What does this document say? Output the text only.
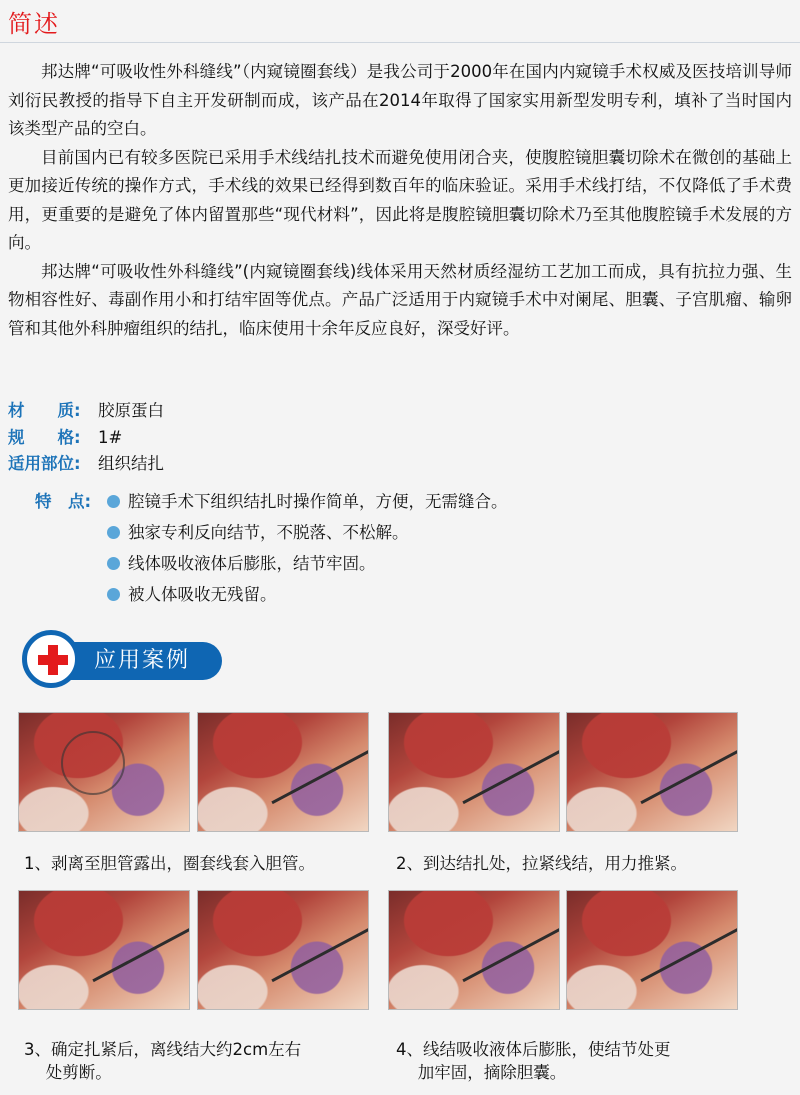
简述

邦达牌“可吸收性外科缝线”（内窥镜圈套线）是我公司于2000年在国内内窥镜手术权威及医技培训导师刘衍民教授的指导下自主开发研制而成，该产品在2014年取得了国家实用新型发明专利，填补了当时国内该类型产品的空白。

目前国内已有较多医院已采用手术线结扎技术而避免使用闭合夹，使腹腔镜胆囊切除术在微创的基础上更加接近传统的操作方式，手术线的效果已经得到数百年的临床验证。采用手术线打结，不仅降低了手术费用，更重要的是避免了体内留置那些“现代材料”，因此将是腹腔镜胆囊切除术乃至其他腹腔镜手术发展的方向。

邦达牌“可吸收性外科缝线”(内窥镜圈套线)线体采用天然材质经湿纺工艺加工而成，具有抗拉力强、生物相容性好、毒副作用小和打结牢固等优点。产品广泛适用于内窥镜手术中对阑尾、胆囊、子宫肌瘤、输卵管和其他外科肿瘤组织的结扎，临床使用十余年反应良好，深受好评。

材　　质: 胶原蛋白
规　　格: 1#
适用部位: 组织结扎
特　点:	腔镜手术下组织结扎时操作简单，方便，无需缝合。
独家专利反向结节，不脱落、不松解。
线体吸收液体后膨胀，结节牢固。
被人体吸收无残留。
应用案例
1、剥离至胆管露出，圈套线套入胆管。	2、到达结扎处，拉紧线结，用力推紧。
3、确定扎紧后，离线结大约2cm左右
　 处剪断。
4、线结吸收液体后膨胀，使结节处更
　 加牢固，摘除胆囊。
